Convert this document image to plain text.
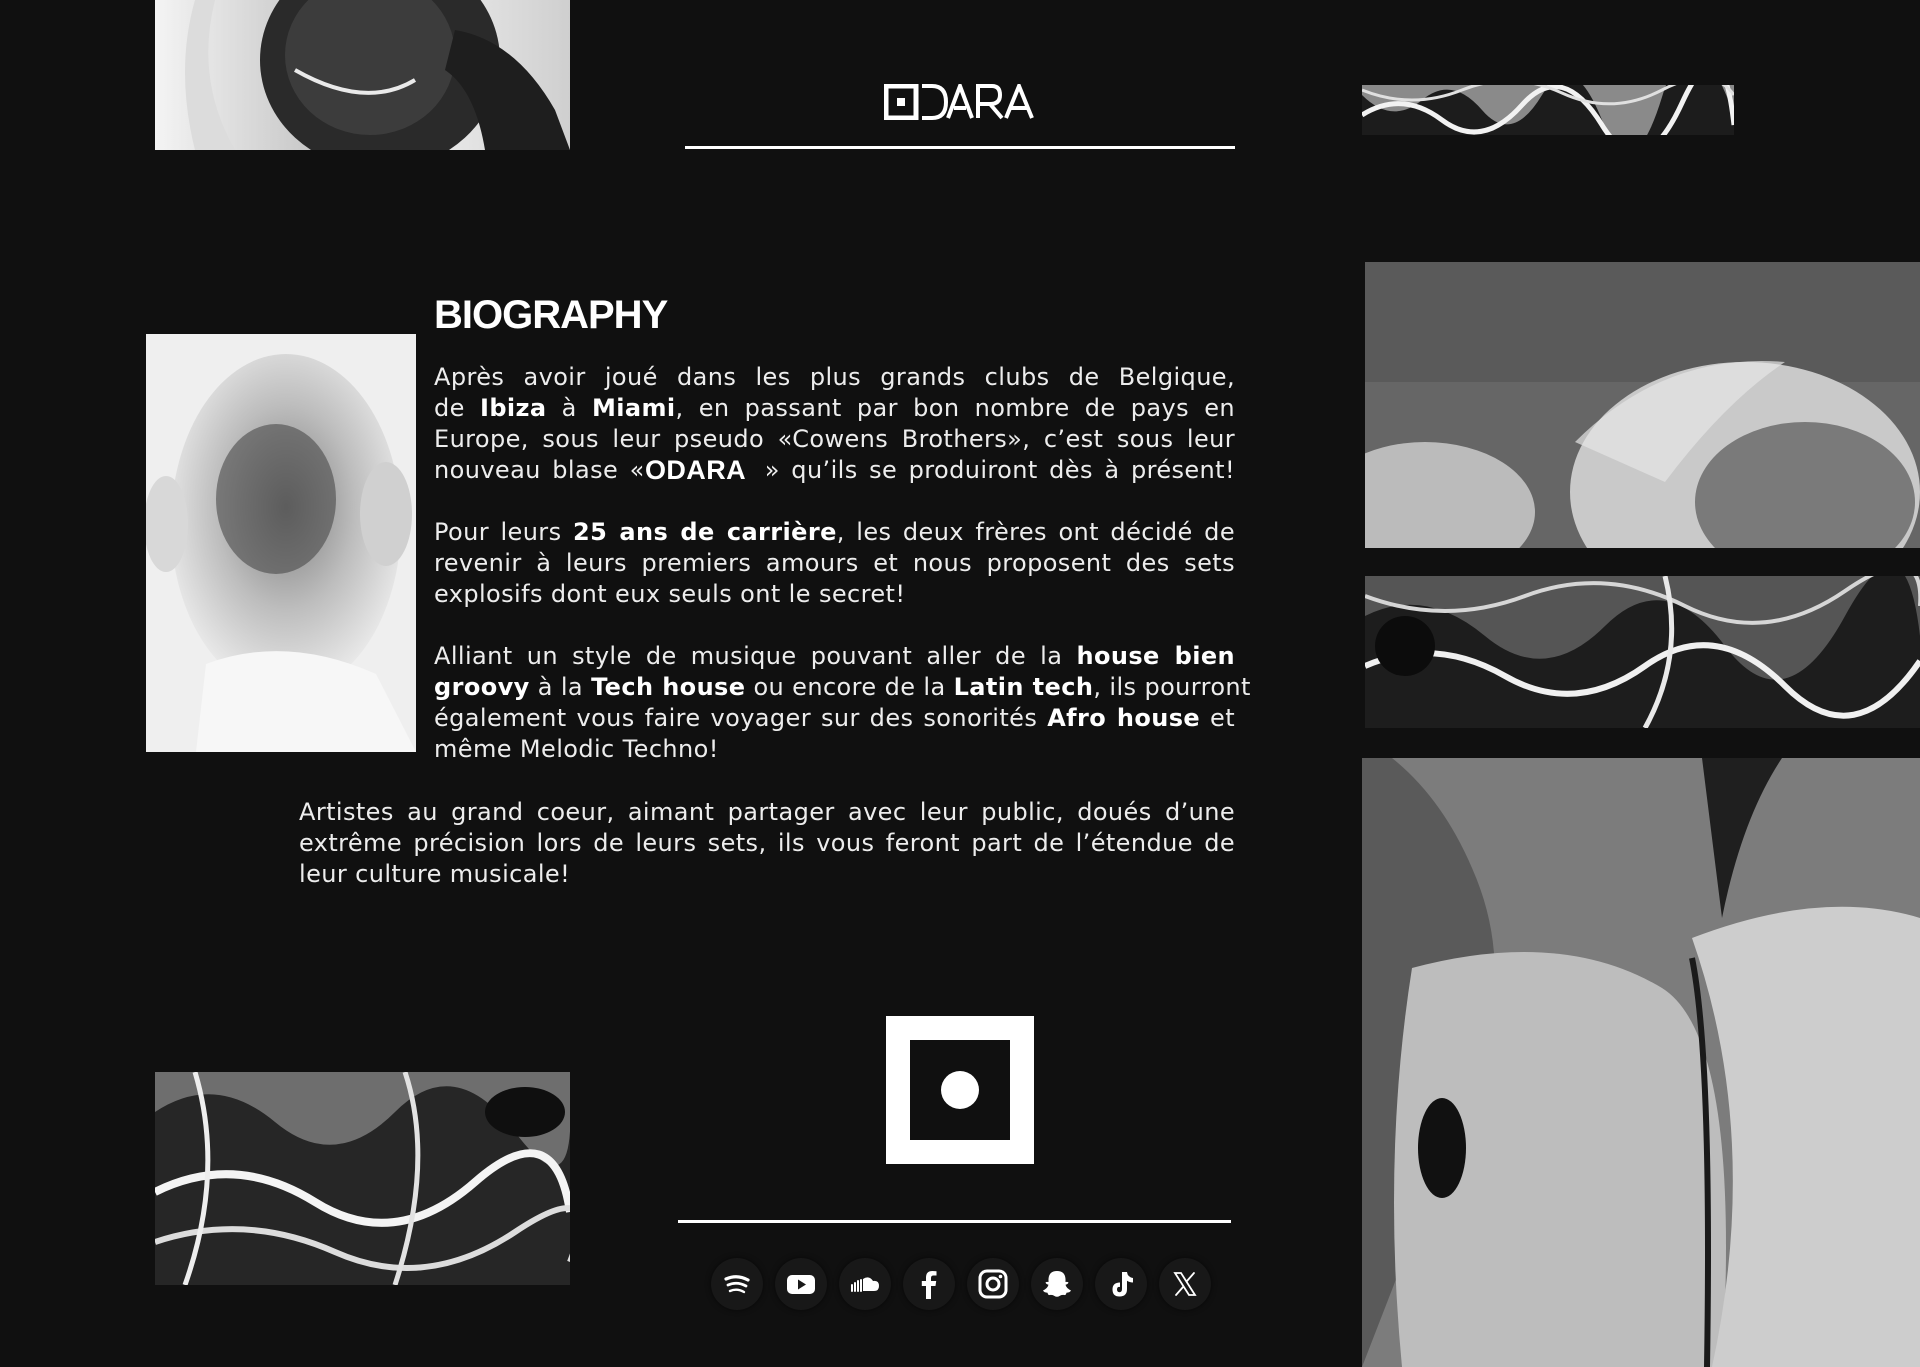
BIOGRAPHY
Après avoir joué dans les plus grands clubs de Belgique,
de Ibiza à Miami, en passant par bon nombre de pays en
Europe, sous leur pseudo «Cowens Brothers», c’est sous leur
nouveau blase « ODARA » qu’ils se produiront dès à présent!
Pour leurs 25 ans de carrière, les deux frères ont décidé de
revenir à leurs premiers amours et nous proposent des sets
explosifs dont eux seuls ont le secret!
Alliant un style de musique pouvant aller de la house bien
groovy à la Tech house ou encore de la Latin tech, ils pourront
également vous faire voyager sur des sonorités Afro house et
même Melodic Techno!
Artistes au grand coeur, aimant partager avec leur public, doués d’une
extrême précision lors de leurs sets, ils vous feront part de l’étendue de
leur culture musicale!
